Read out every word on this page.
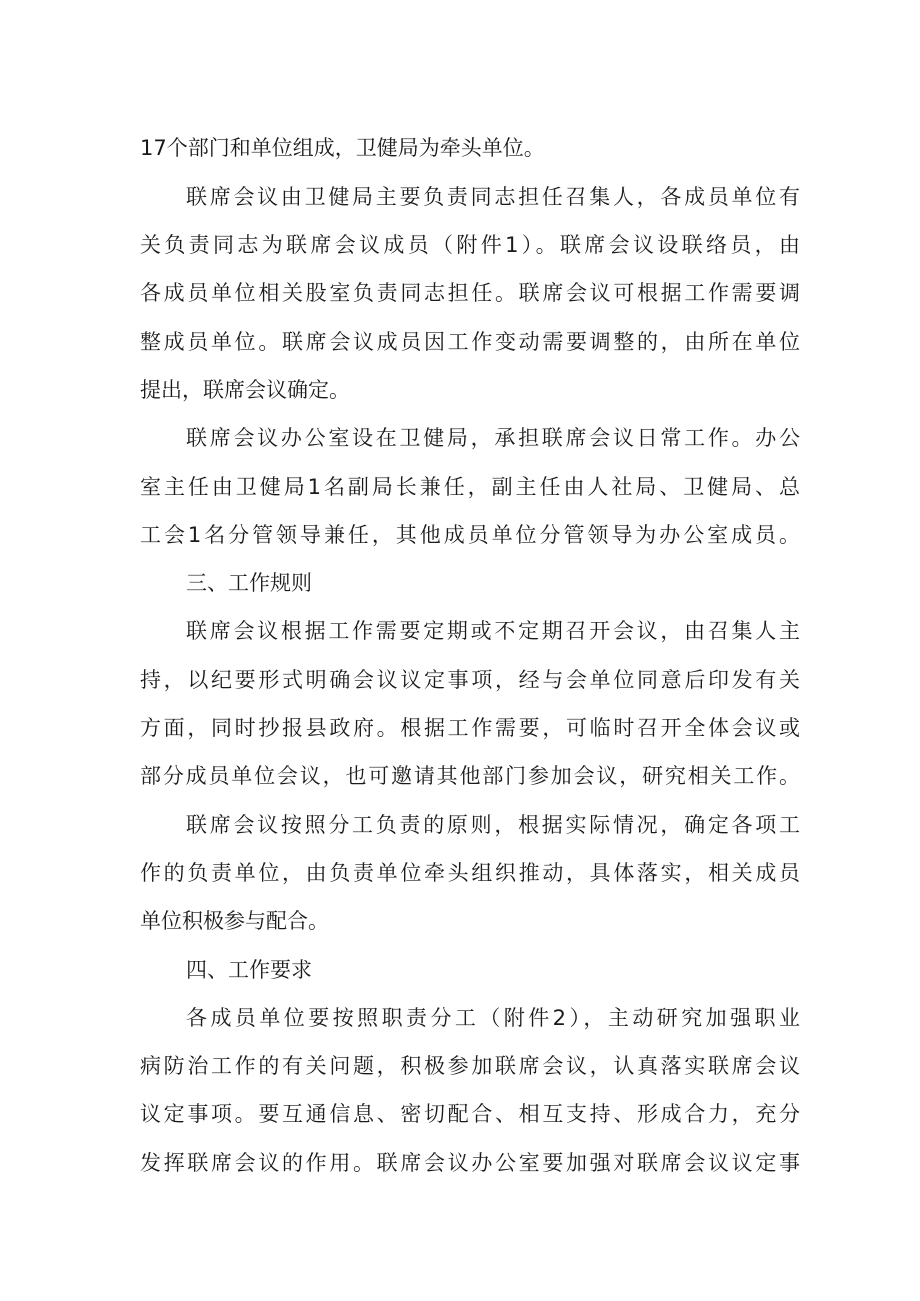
17个部门和单位组成，卫健局为牵头单位。
联席会议由卫健局主要负责同志担任召集人，各成员单位有
关负责同志为联席会议成员（附件1）。联席会议设联络员，由
各成员单位相关股室负责同志担任。联席会议可根据工作需要调
整成员单位。联席会议成员因工作变动需要调整的，由所在单位
提出，联席会议确定。
联席会议办公室设在卫健局，承担联席会议日常工作。办公
室主任由卫健局1名副局长兼任，副主任由人社局、卫健局、总
工会1名分管领导兼任，其他成员单位分管领导为办公室成员。
三、工作规则
联席会议根据工作需要定期或不定期召开会议，由召集人主
持，以纪要形式明确会议议定事项，经与会单位同意后印发有关
方面，同时抄报县政府。根据工作需要，可临时召开全体会议或
部分成员单位会议，也可邀请其他部门参加会议，研究相关工作。
联席会议按照分工负责的原则，根据实际情况，确定各项工
作的负责单位，由负责单位牵头组织推动，具体落实，相关成员
单位积极参与配合。
四、工作要求
各成员单位要按照职责分工（附件2），主动研究加强职业
病防治工作的有关问题，积极参加联席会议，认真落实联席会议
议定事项。要互通信息、密切配合、相互支持、形成合力，充分
发挥联席会议的作用。联席会议办公室要加强对联席会议议定事
